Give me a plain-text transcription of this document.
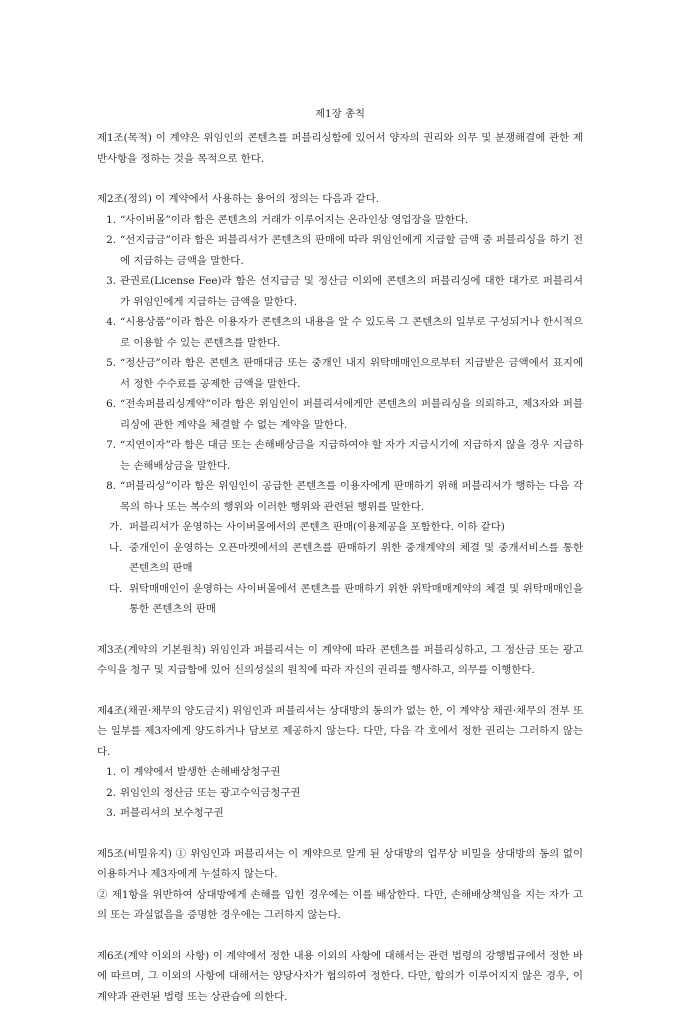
제1장 총칙

제1조(목적) 이 계약은 위임인의 콘텐츠를 퍼블리싱함에 있어서 양자의 권리와 의무 및 분쟁해결에 관한 제반사항을 정하는 것을 목적으로 한다.

제2조(정의) 이 계약에서 사용하는 용어의 정의는 다음과 같다.

1. “사이버몰”이라 함은 콘텐츠의 거래가 이루어지는 온라인상 영업장을 말한다.
2. “선지급금”이라 함은 퍼블리셔가 콘텐츠의 판매에 따라 위임인에게 지급할 금액 중 퍼블리싱을 하기 전에 지급하는 금액을 말한다.
3. 관권료(License Fee)라 함은 선지급금 및 정산금 이외에 콘텐츠의 퍼블리싱에 대한 대가로 퍼블리셔가 위임인에게 지급하는 금액을 말한다.
4. “시용상품”이라 함은 이용자가 콘텐츠의 내용을 알 수 있도록 그 콘텐츠의 일부로 구성되거나 한시적으로 이용할 수 있는 콘텐츠를 말한다.
5. “정산금”이라 함은 콘텐츠 판매대금 또는 중개인 내지 위탁매매인으로부터 지급받은 금액에서 표지에서 정한 수수료를 공제한 금액을 말한다.
6. “전속퍼블리싱계약”이라 함은 위임인이 퍼블리셔에게만 콘텐츠의 퍼블리싱을 의뢰하고, 제3자와 퍼블리싱에 관한 계약을 체결할 수 없는 계약을 말한다.
7. “지연이자”라 함은 대금 또는 손해배상금을 지급하여야 할 자가 지급시기에 지급하지 않을 경우 지급하는 손해배상금을 말한다.
8. “퍼블리싱”이라 함은 위임인이 공급한 콘텐츠를 이용자에게 판매하기 위해 퍼블리셔가 행하는 다음 각 목의 하나 또는 복수의 행위와 이러한 행위와 관련된 행위를 말한다.
가. 퍼블리셔가 운영하는 사이버몰에서의 콘텐츠 판매(이용제공을 포함한다. 이하 같다)
나. 중개인이 운영하는 오픈마켓에서의 콘텐츠를 판매하기 위한 중개계약의 체결 및 중개서비스를 통한 콘텐츠의 판매
다. 위탁매매인이 운영하는 사이버몰에서 콘텐츠를 판매하기 위한 위탁매매계약의 체결 및 위탁매매인을 통한 콘텐츠의 판매

제3조(계약의 기본원칙) 위임인과 퍼블리셔는 이 계약에 따라 콘텐츠를 퍼블리싱하고, 그 정산금 또는 광고수익을 청구 및 지급함에 있어 신의성실의 원칙에 따라 자신의 권리를 행사하고, 의무를 이행한다.

제4조(채권·채무의 양도금지) 위임인과 퍼블리셔는 상대방의 동의가 없는 한, 이 계약상 채권·채무의 전부 또는 일부를 제3자에게 양도하거나 담보로 제공하지 않는다. 다만, 다음 각 호에서 정한 권리는 그러하지 않는다.

1. 이 계약에서 발생한 손해배상청구권
2. 위임인의 정산금 또는 광고수익금청구권
3. 퍼블리셔의 보수청구권

제5조(비밀유지) ① 위임인과 퍼블리셔는 이 계약으로 알게 된 상대방의 업무상 비밀을 상대방의 동의 없이 이용하거나 제3자에게 누설하지 않는다.

② 제1항을 위반하여 상대방에게 손해를 입힌 경우에는 이를 배상한다. 다만, 손해배상책임을 지는 자가 고의 또는 과실없음을 증명한 경우에는 그러하지 않는다.

제6조(계약 이외의 사항) 이 계약에서 정한 내용 이외의 사항에 대해서는 관련 법령의 강행법규에서 정한 바에 따르며, 그 이외의 사항에 대해서는 양당사자가 협의하여 정한다. 다만, 합의가 이루어지지 않은 경우, 이 계약과 관련된 법령 또는 상관습에 의한다.
